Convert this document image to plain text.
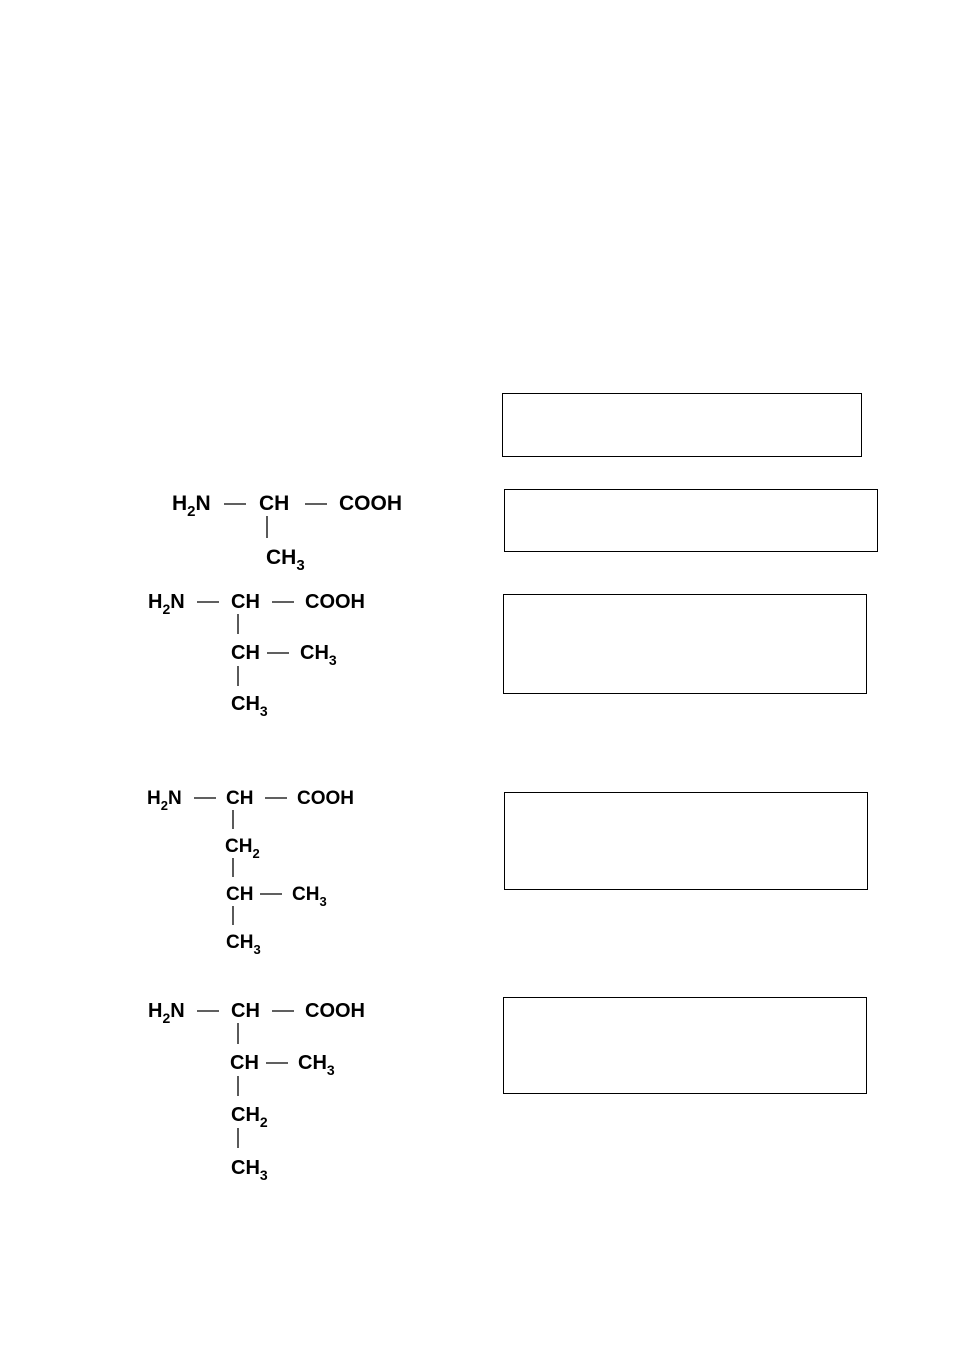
$H_2N$ CH COOH
$CH_3$
$H_2N$ CH COOH
CH $CH_3$
$CH_3$
$H_2N$ CH COOH
$CH_2$
CH $CH_3$
$CH_3$
$H_2N$ CH COOH
CH $CH_3$
$CH_2$
$CH_3$
